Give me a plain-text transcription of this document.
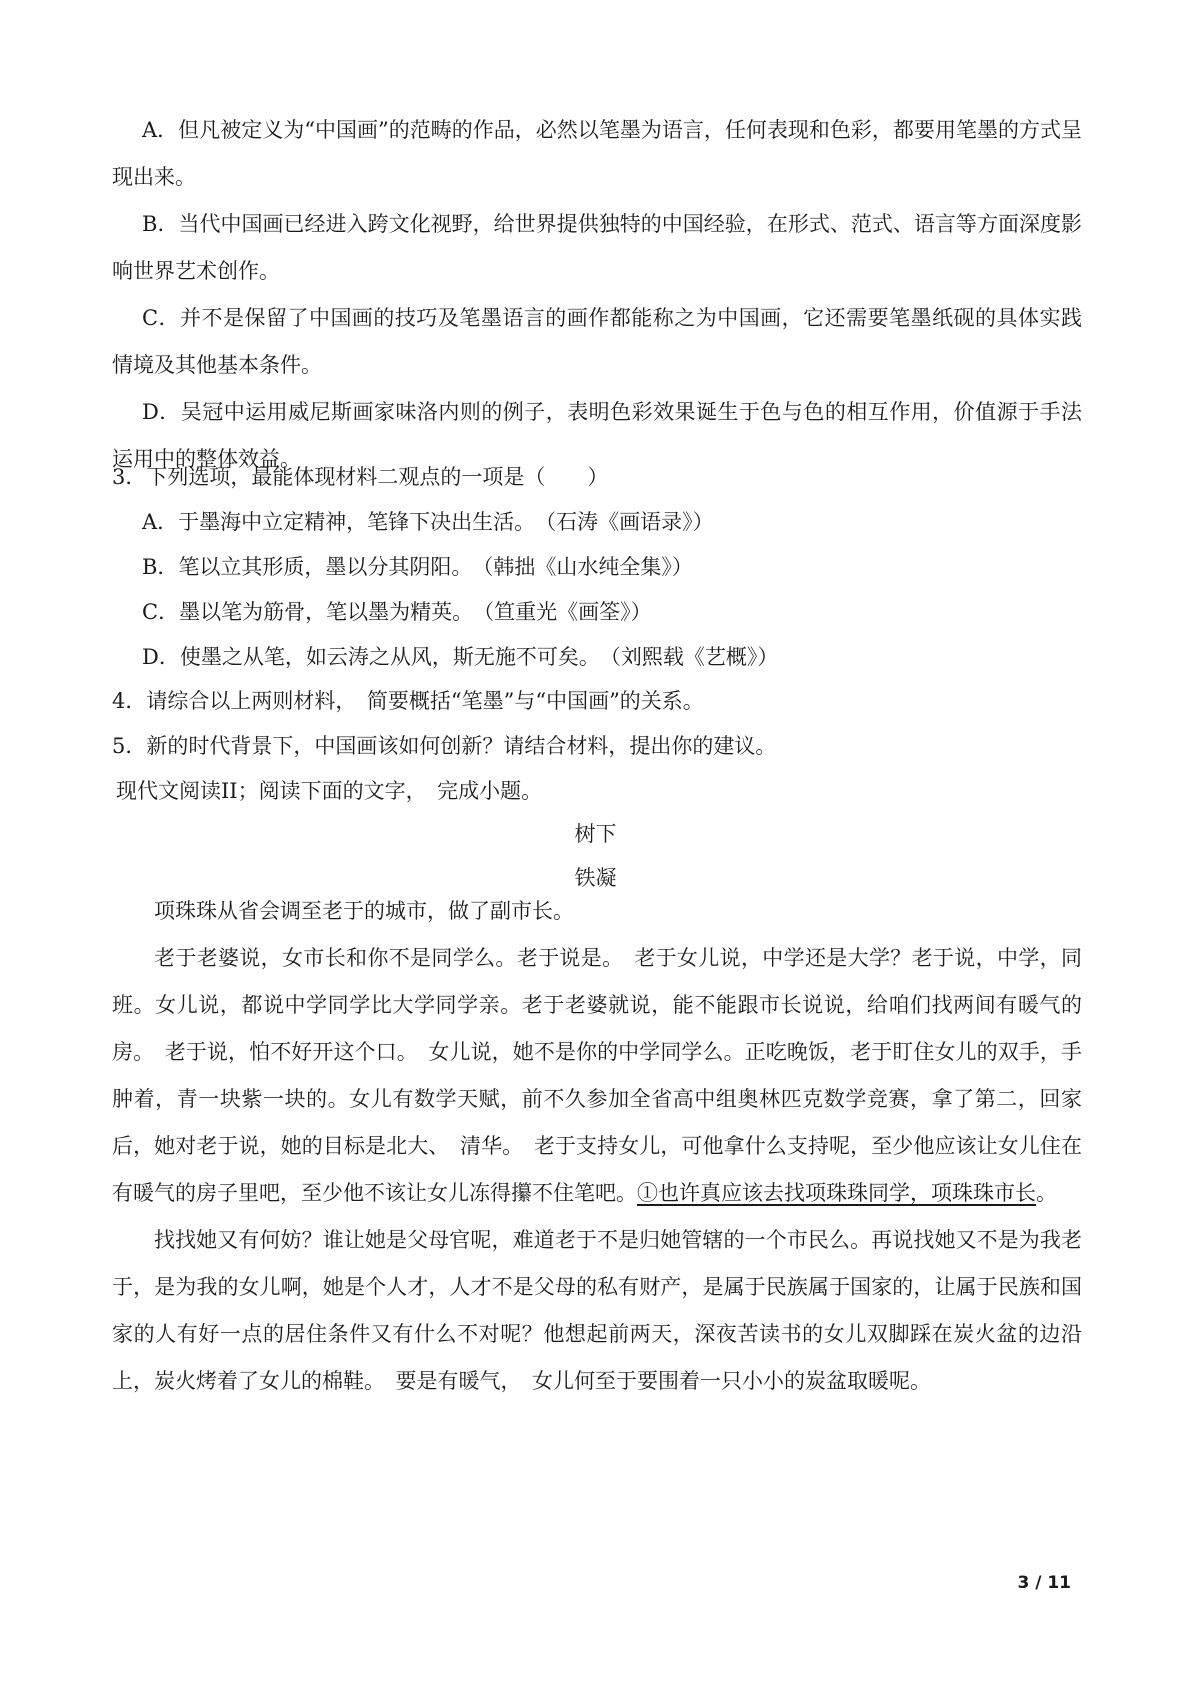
A．但凡被定义为“中国画”的范畴的作品，必然以笔墨为语言，任何表现和色彩，都要用笔墨的方式呈现出来。

B．当代中国画已经进入跨文化视野，给世界提供独特的中国经验，在形式、范式、语言等方面深度影响世界艺术创作。

C．并不是保留了中国画的技巧及笔墨语言的画作都能称之为中国画，它还需要笔墨纸砚的具体实践情境及其他基本条件。

D．吴冠中运用威尼斯画家味洛内则的例子，表明色彩效果诞生于色与色的相互作用，价值源于手法运用中的整体效益。

3．下列选项，最能体现材料二观点的一项是（　　）

A．于墨海中立定精神，笔锋下决出生活。　（石涛《画语录》）

B．笔以立其形质，墨以分其阴阳。　（韩拙《山水纯全集》）

C．墨以笔为筋骨，笔以墨为精英。　（笪重光《画筌》）

D．使墨之从笔，如云涛之从风，斯无施不可矣。　（刘熙载《艺概》）

4．请综合以上两则材料，　简要概括“笔墨”与“中国画”的关系。

5．新的时代背景下，中国画该如何创新？请结合材料，提出你的建议。

现代文阅读II；阅读下面的文字，　完成小题。

树下

铁凝

项珠珠从省会调至老于的城市，做了副市长。

老于老婆说，女市长和你不是同学么。老于说是。　老于女儿说，中学还是大学？老于说，中学，同班。女儿说，都说中学同学比大学同学亲。老于老婆就说，能不能跟市长说说，给咱们找两间有暖气的房。　老于说，怕不好开这个口。　女儿说，她不是你的中学同学么。正吃晚饭，老于盯住女儿的双手，手肿着，青一块紫一块的。女儿有数学天赋，前不久参加全省高中组奥林匹克数学竞赛，拿了第二，回家后，她对老于说，她的目标是北大、　清华。　老于支持女儿，可他拿什么支持呢，至少他应该让女儿住在有暖气的房子里吧，至少他不该让女儿冻得攥不住笔吧。①也许真应该去找项珠珠同学，项珠珠市长。

找找她又有何妨？谁让她是父母官呢，难道老于不是归她管辖的一个市民么。再说找她又不是为我老于，是为我的女儿啊，她是个人才，人才不是父母的私有财产，是属于民族属于国家的，让属于民族和国家的人有好一点的居住条件又有什么不对呢？他想起前两天，深夜苦读书的女儿双脚踩在炭火盆的边沿上，炭火烤着了女儿的棉鞋。　要是有暖气，　女儿何至于要围着一只小小的炭盆取暖呢。

3 / 11
